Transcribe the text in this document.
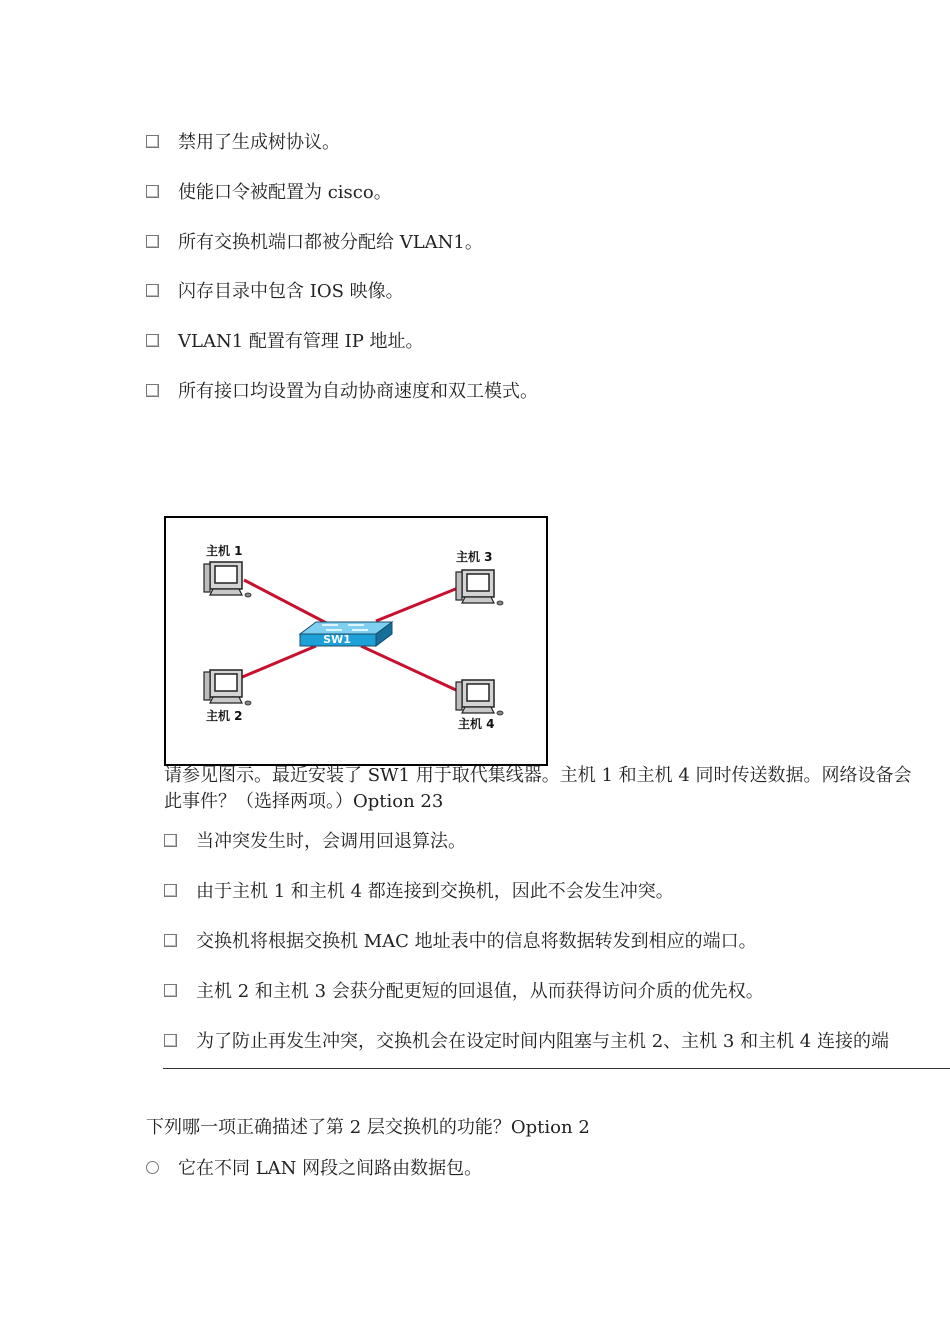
禁用了生成树协议。
使能口令被配置为 cisco。
所有交换机端口都被分配给 VLAN1。
闪存目录中包含 IOS 映像。
VLAN1 配置有管理 IP 地址。
所有接口均设置为自动协商速度和双工模式。
SW1
主机 1	主机 3
主机 2
主机 4
请参见图示。最近安装了 SW1 用于取代集线器。主机 1 和主机 4 同时传送数据。网络设备会
此事件？（选择两项。）Option 23
当冲突发生时，会调用回退算法。
由于主机 1 和主机 4 都连接到交换机，因此不会发生冲突。
交换机将根据交换机 MAC 地址表中的信息将数据转发到相应的端口。
主机 2 和主机 3 会获分配更短的回退值，从而获得访问介质的优先权。
为了防止再发生冲突，交换机会在设定时间内阻塞与主机 2、主机 3 和主机 4 连接的端
下列哪一项正确描述了第 2 层交换机的功能？Option 2
它在不同 LAN 网段之间路由数据包。
